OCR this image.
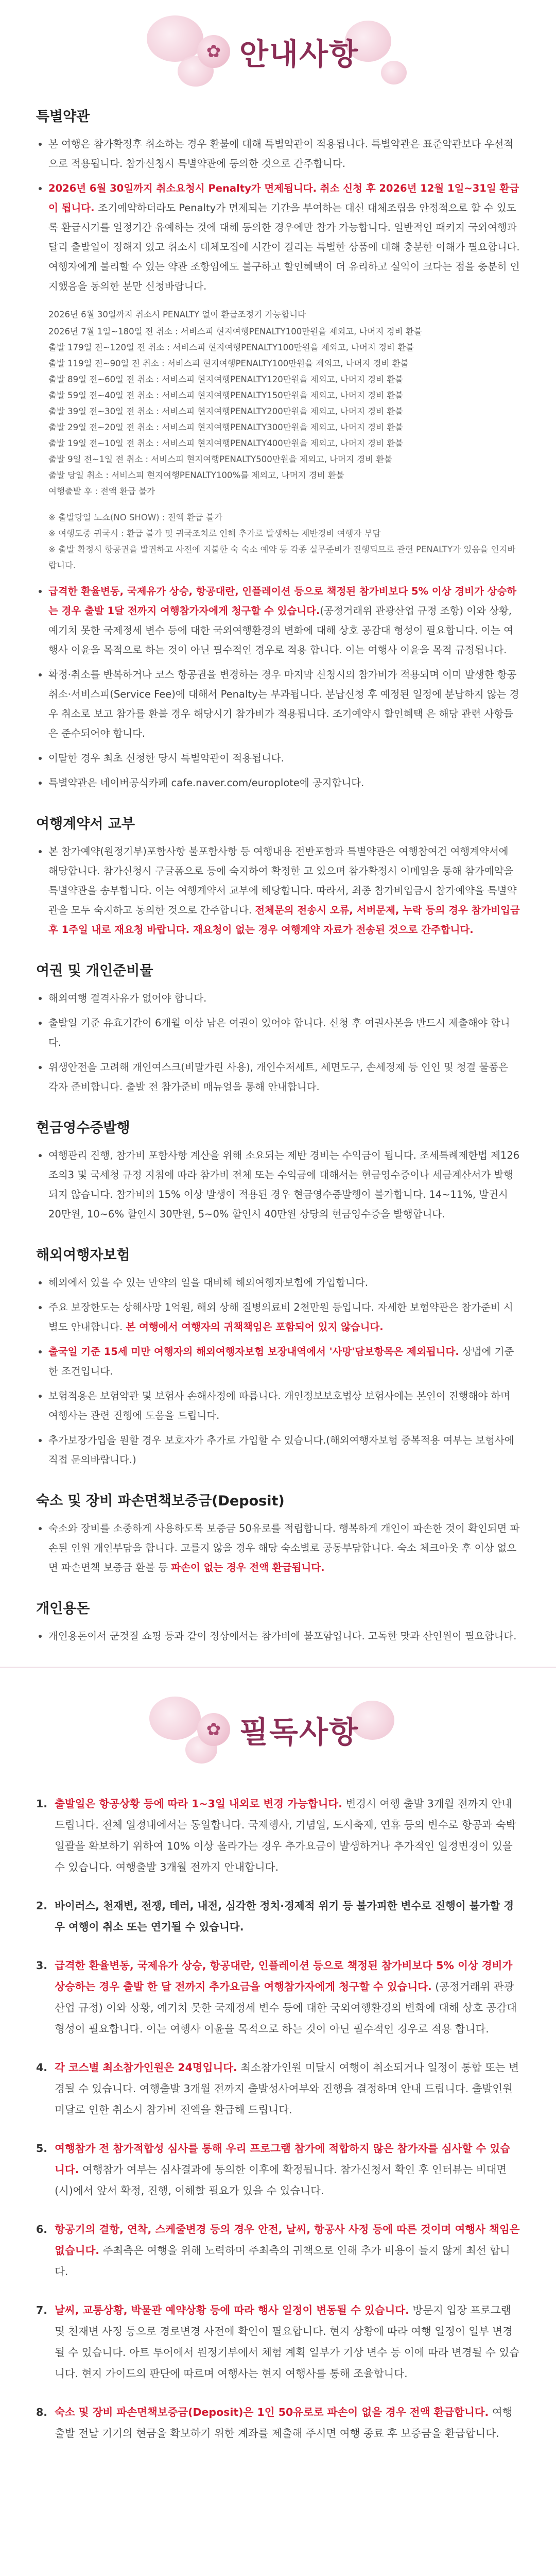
✿ 안내사항
특별약관
• 본 여행은 참가확정후 취소하는 경우 환불에 대해 특별약관이 적용됩니다. 특별약관은 표준약관보다 우선적으로 적용됩니다. 참가신청시 특별약관에 동의한 것으로 간주합니다.
• 2026년 6월 30일까지 취소요청시 Penalty가 면제됩니다. 취소 신청 후 2026년 12월 1일~31일 환급이 됩니다. 조기예약하더라도 Penalty가 면제되는 기간을 부여하는 대신 대체조립을 안정적으로 할 수 있도록 환급시기를 일정기간 유예하는 것에 대해 동의한 경우에만 참가 가능합니다. 일반적인 패키지 국외여행과 달리 출발일이 정해져 있고 취소시 대체모집에 시간이 걸리는 특별한 상품에 대해 충분한 이해가 필요합니다. 여행자에게 불리할 수 있는 약관 조항임에도 불구하고 할인혜택이 더 유리하고 실익이 크다는 점을 충분히 인지했음을 동의한 분만 신청바랍니다.
2026년 6월 30일까지 취소시 PENALTY 없이 환급조정기 가능합니다
2026년 7월 1일~180일 전 취소 : 서비스피 현지여행PENALTY100만원을 제외고, 나머지 경비 환불
출발 179일 전~120일 전 취소 : 서비스피 현지여행PENALTY100만원을 제외고, 나머지 경비 환불
출발 119일 전~90일 전 취소 : 서비스피 현지여행PENALTY100만원을 제외고, 나머지 경비 환불
출발 89일 전~60일 전 취소 : 서비스피 현지여행PENALTY120만원을 제외고, 나머지 경비 환불
출발 59일 전~40일 전 취소 : 서비스피 현지여행PENALTY150만원을 제외고, 나머지 경비 환불
출발 39일 전~30일 전 취소 : 서비스피 현지여행PENALTY200만원을 제외고, 나머지 경비 환불
출발 29일 전~20일 전 취소 : 서비스피 현지여행PENALTY300만원을 제외고, 나머지 경비 환불
출발 19일 전~10일 전 취소 : 서비스피 현지여행PENALTY400만원을 제외고, 나머지 경비 환불
출발 9일 전~1일 전 취소 : 서비스피 현지여행PENALTY500만원을 제외고, 나머지 경비 환불
출발 당일 취소 : 서비스피 현지여행PENALTY100%를 제외고, 나머지 경비 환불
여행출발 후 : 전액 환급 불가
※ 출발당일 노쇼(NO SHOW) : 전액 환급 불가
※ 여행도중 귀국시 : 환급 불가 및 귀국조치로 인해 추가로 발생하는 제반경비 여행자 부담
※ 출발 확정시 항공권을 발권하고 사전에 지불한 숙 숙소 예약 등 각종 실무준비가 진행되므로 관련 PENALTY가 있음을 인지바랍니다.
• 급격한 환율변동, 국제유가 상승, 항공대란, 인플레이션 등으로 책정된 참가비보다 5% 이상 경비가 상승하는 경우 출발 1달 전까지 여행참가자에게 청구할 수 있습니다.(공정거래위 관광산업 규정 조항) 이와 상황, 예기치 못한 국제정세 변수 등에 대한 국외여행환경의 변화에 대해 상호 공감대 형성이 필요합니다. 이는 여행사 이윤을 목적으로 하는 것이 아닌 필수적인 경우로 적용 합니다. 이는 여행사 이윤을 목적 규정됩니다.
• 확정·취소를 반복하거나 코스 항공권을 변경하는 경우 마지막 신청시의 참가비가 적용되며 이미 발생한 항공취소·서비스피(Service Fee)에 대해서 Penalty는 부과됩니다. 분납신청 후 예정된 일정에 분납하지 않는 경우 취소로 보고 참가를 환불 경우 해당시기 참가비가 적용됩니다. 조기예약시 할인혜택 은 해당 관련 사항들은 준수되어야 합니다.
• 이탈한 경우 최초 신청한 당시 특별약관이 적용됩니다.
• 특별약관은 네이버공식카페 cafe.naver.com/europlote에 공지합니다.
여행계약서 교부
• 본 참가예약(원정기부)포함사항 불포함사항 등 여행내용 전반포함과 특별약관은 여행참여건 여행계약서에 해당합니다. 참가신청시 구글폼으로 등에 숙지하여 확정한 고 있으며 참가확정시 이메일을 통해 참가예약을 특별약관을 송부합니다. 이는 여행계약서 교부에 해당합니다. 따라서, 최종 참가비입금시 참가예약을 특별약관을 모두 숙지하고 동의한 것으로 간주합니다. 전체문의 전송시 오류, 서버문제, 누락 등의 경우 참가비입금 후 1주일 내로 재요청 바랍니다. 재요청이 없는 경우 여행계약 자료가 전송된 것으로 간주합니다.
여권 및 개인준비물
• 해외여행 결격사유가 없어야 합니다.
• 출발일 기준 유효기간이 6개월 이상 남은 여권이 있어야 합니다. 신청 후 여권사본을 반드시 제출해야 합니다.
• 위생안전을 고려해 개인여스크(비말가린 사용), 개인수저세트, 세면도구, 손세정제 등 인인 및 청결 물품은 각자 준비합니다. 출발 전 참가준비 매뉴얼을 통해 안내합니다.
현금영수증발행
• 여행관리 진행, 참가비 포함사항 계산을 위해 소요되는 제반 경비는 수익금이 됩니다. 조세특례제한법 제126조의3 및 국세청 규정 지침에 따라 참가비 전체 또는 수익금에 대해서는 현금영수증이나 세금계산서가 발행되지 않습니다. 참가비의 15% 이상 발생이 적용된 경우 현금영수증발행이 불가합니다. 14~11%, 발권시 20만원, 10~6% 할인시 30만원, 5~0% 할인시 40만원 상당의 현금영수증을 발행합니다.
해외여행자보험
• 해외에서 있을 수 있는 만약의 일을 대비해 해외여행자보험에 가입합니다.
• 주요 보장한도는 상해사망 1억원, 해외 상해 질병의료비 2천만원 등입니다. 자세한 보험약관은 참가준비 시 별도 안내합니다. 본 여행에서 여행자의 귀책책임은 포함되어 있지 않습니다.
• 출국일 기준 15세 미만 여행자의 해외여행자보험 보장내역에서 '사망'담보항목은 제외됩니다. 상법에 기준한 조건입니다.
• 보험적용은 보험약관 및 보험사 손해사정에 따릅니다. 개인정보보호법상 보험사에는 본인이 진행해야 하며 여행사는 관련 진행에 도움을 드립니다.
• 추가보장가입을 원할 경우 보호자가 추가로 가입할 수 있습니다.(해외여행자보험 중복적용 여부는 보험사에 직접 문의바랍니다.)
숙소 및 장비 파손면책보증금(Deposit)
• 숙소와 장비를 소중하게 사용하도록 보증금 50유로를 적립합니다. 행복하게 개인이 파손한 것이 확인되면 파손된 인원 개인부담을 합니다. 고를지 않을 경우 해당 숙소별로 공동부담합니다. 숙소 체크아웃 후 이상 없으면 파손면책 보증금 환불 등 파손이 없는 경우 전액 환급됩니다.
개인용돈
• 개인용돈이서 군것질 쇼핑 등과 같이 정상에서는 참가비에 불포함입니다. 고독한 맛과 산인원이 필요합니다.
✿ 필독사항
1. 출발일은 항공상황 등에 따라 1~3일 내외로 변경 가능합니다. 변경시 여행 출발 3개월 전까지 안내드립니다. 전체 일정내에서는 동일합니다. 국제행사, 기념일, 도시축제, 연휴 등의 변수로 항공과 숙박 일괄을 확보하기 위하여 10% 이상 올라가는 경우 추가요금이 발생하거나 추가적인 일정변경이 있을 수 있습니다. 여행출발 3개월 전까지 안내합니다.
2. 바이러스, 천재변, 전쟁, 테러, 내전, 심각한 정치·경제적 위기 등 불가피한 변수로 진행이 불가할 경우 여행이 취소 또는 연기될 수 있습니다.
3. 급격한 환율변동, 국제유가 상승, 항공대란, 인플레이션 등으로 책정된 참가비보다 5% 이상 경비가 상승하는 경우 출발 한 달 전까지 추가요금을 여행참가자에게 청구할 수 있습니다. (공정거래위 관광산업 규정) 이와 상황, 예기치 못한 국제정세 변수 등에 대한 국외여행환경의 변화에 대해 상호 공감대 형성이 필요합니다. 이는 여행사 이윤을 목적으로 하는 것이 아닌 필수적인 경우로 적용 합니다.
4. 각 코스별 최소참가인원은 24명입니다. 최소참가인원 미달시 여행이 취소되거나 일정이 통합 또는 변경될 수 있습니다. 여행출발 3개월 전까지 출발성사여부와 진행을 결정하며 안내 드립니다. 출발인원 미달로 인한 취소시 참가비 전액을 환급해 드립니다.
5. 여행참가 전 참가적합성 심사를 통해 우리 프로그램 참가에 적합하지 않은 참가자를 심사할 수 있습니다. 여행참가 여부는 심사결과에 동의한 이후에 확정됩니다. 참가신청서 확인 후 인터뷰는 비대면(시)에서 앞서 확정, 진행, 이해할 필요가 있을 수 있습니다.
6. 항공기의 결항, 연착, 스케줄변경 등의 경우 안전, 날씨, 항공사 사정 등에 따른 것이며 여행사 책임은 없습니다. 주최측은 여행을 위해 노력하며 주최측의 귀책으로 인해 추가 비용이 들지 않게 최선 합니다.
7. 날씨, 교통상황, 박물관 예약상황 등에 따라 행사 일정이 변동될 수 있습니다. 방문지 입장 프로그램 및 천재변 사정 등으로 경로변경 사전에 확인이 필요합니다. 현지 상황에 따라 여행 일정이 일부 변경될 수 있습니다. 아트 투어에서 원정기부에서 체험 계획 일부가 기상 변수 등 이에 따라 변경될 수 있습니다. 현지 가이드의 판단에 따르며 여행사는 현지 여행사를 통해 조율합니다.
8. 숙소 및 장비 파손면책보증금(Deposit)은 1인 50유로로 파손이 없을 경우 전액 환급합니다. 여행 출발 전날 기기의 현금을 확보하기 위한 계좌를 제출해 주시면 여행 종료 후 보증금을 환급합니다.
